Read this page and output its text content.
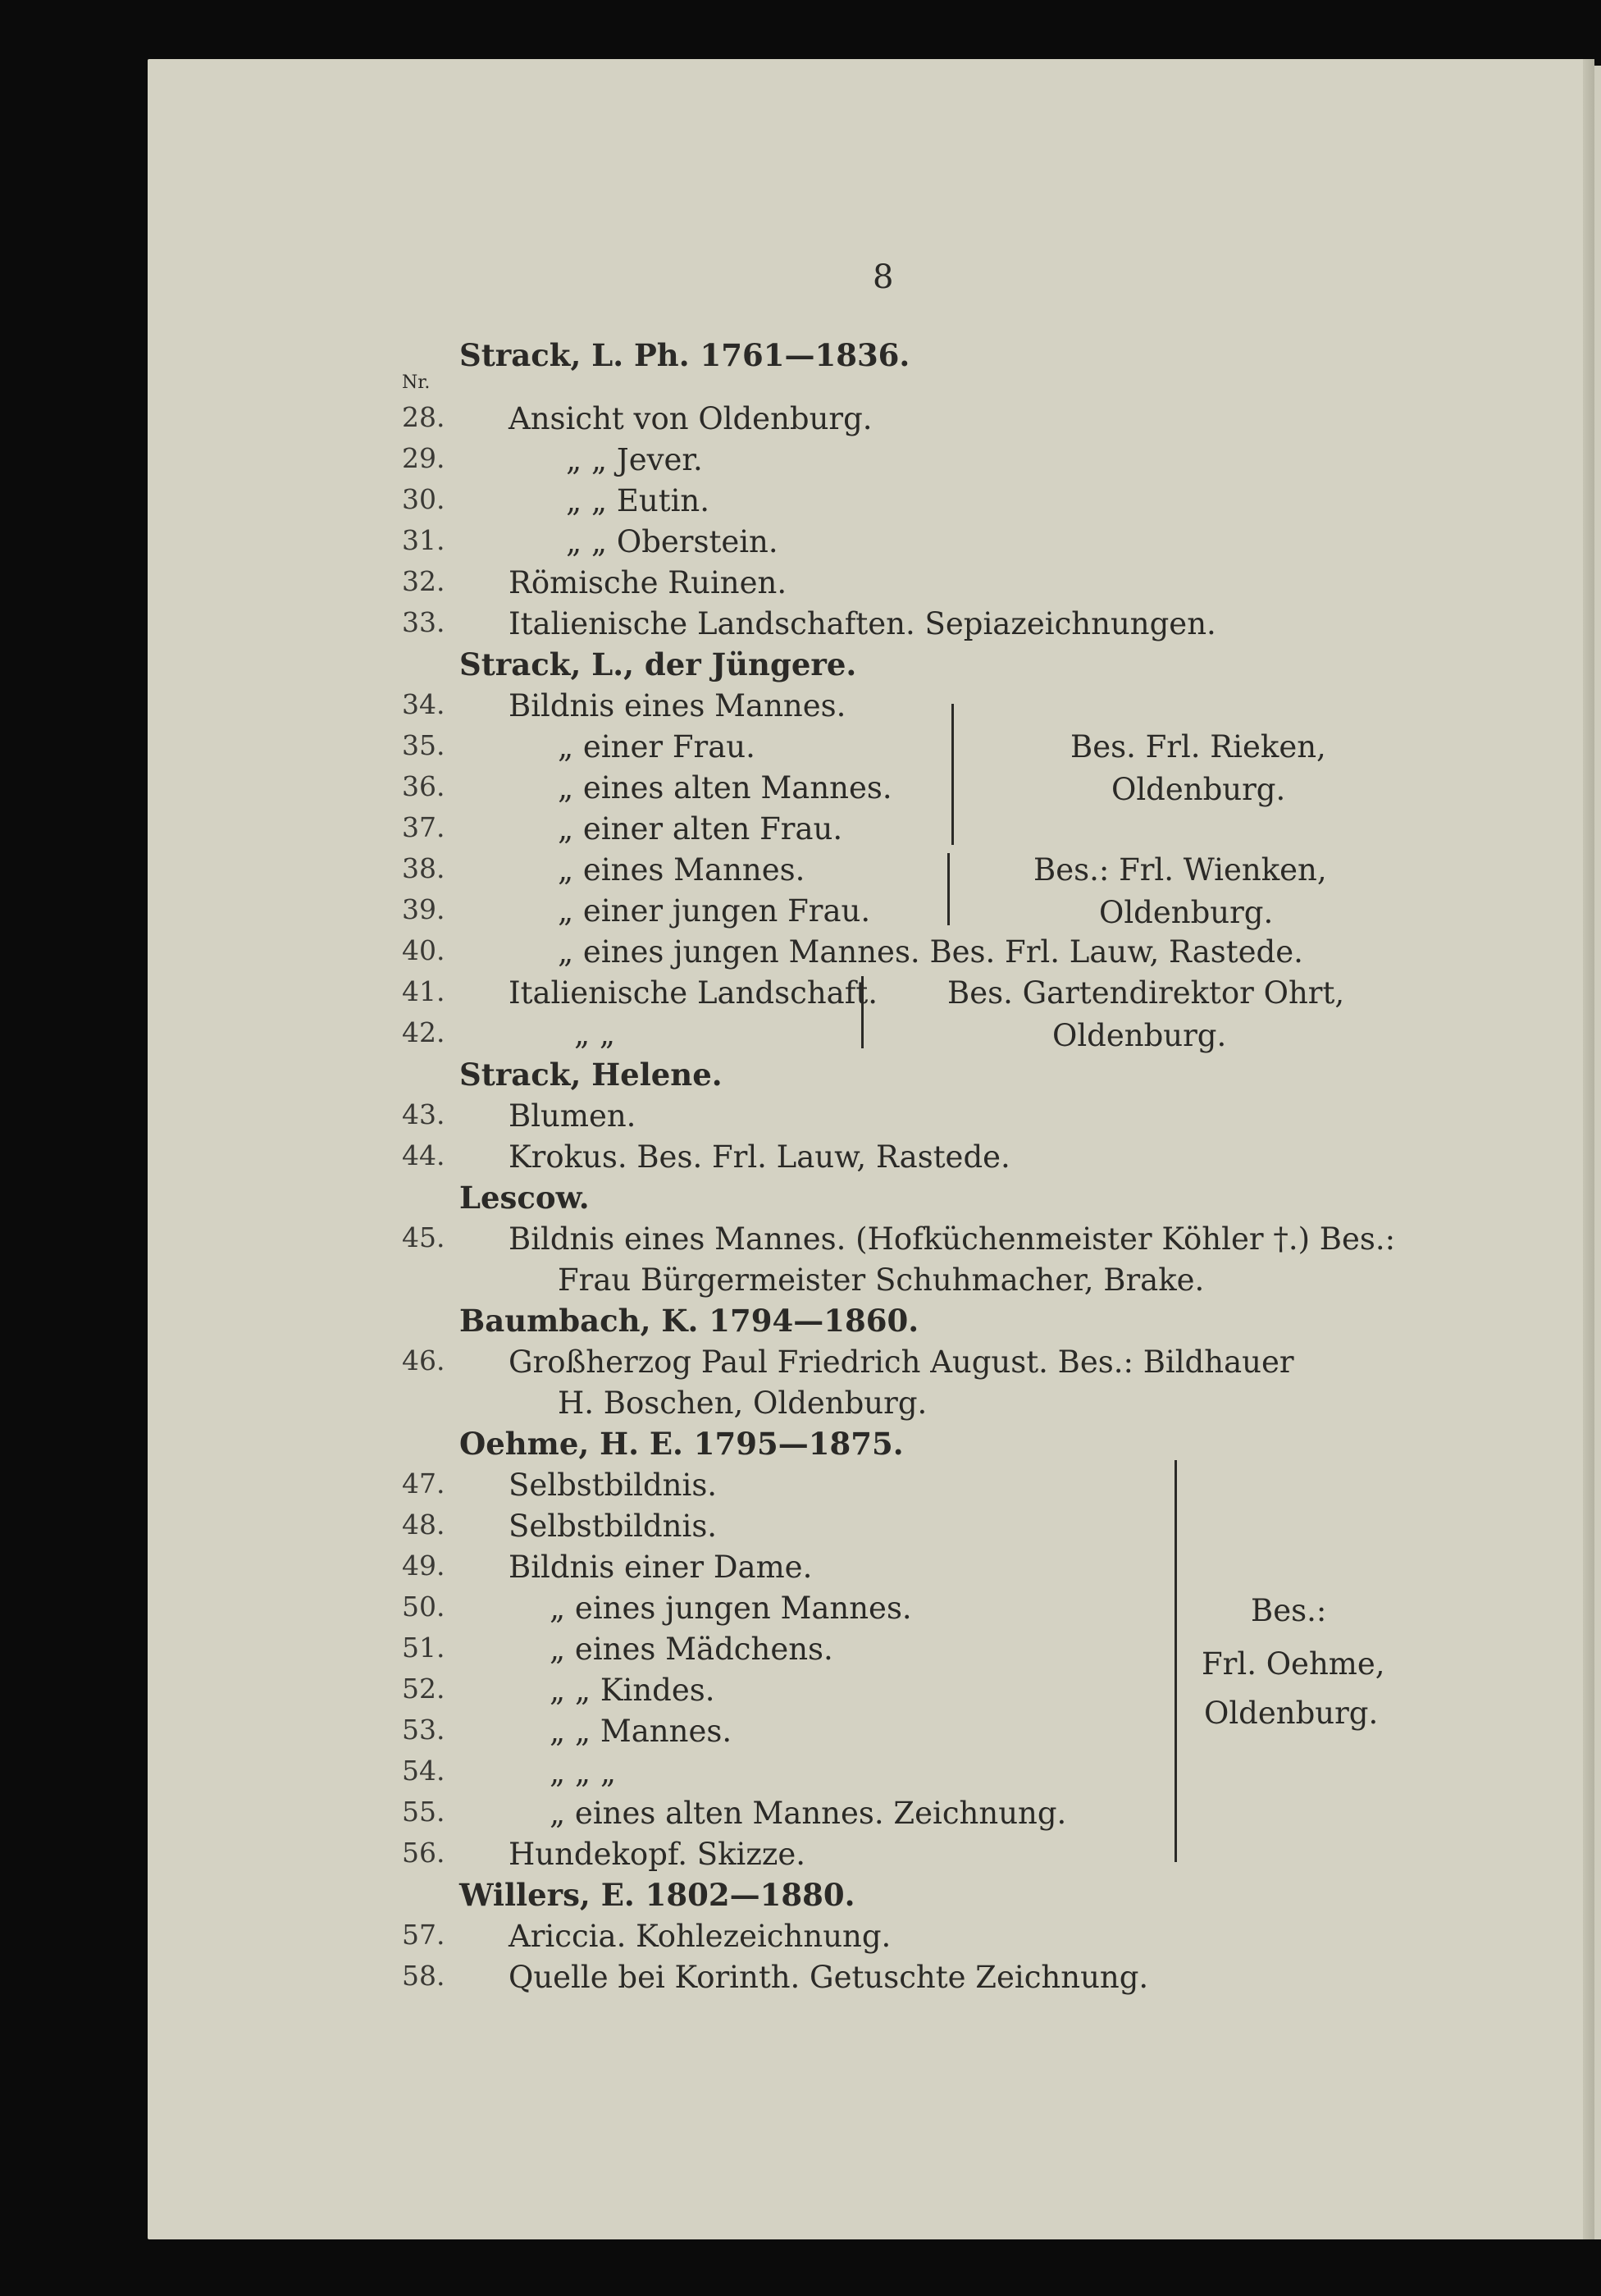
8
Nr.
Strack, L. Ph. 1761—1836.
28. Ansicht von Oldenburg.
29.	„ „ Jever.
30.	„ „ Eutin.
31.	„ „ Oberstein.
32. Römische Ruinen.
33. Italienische Landschaften. Sepiazeichnungen.
Strack, L., der Jüngere.
34. Bildnis eines Mannes.
35.	„ einer Frau.
36.	„ eines alten Mannes.
37.	„ einer alten Frau.
Bes. Frl. Rieken,
Oldenburg.
38.	„ eines Mannes.
39.	„ einer jungen Frau.
Bes.: Frl. Wienken,
Oldenburg.
40.	„ eines jungen Mannes. Bes. Frl. Lauw, Rastede.
41. Italienische Landschaft.
42.	„ „
Bes. Gartendirektor Ohrt,
Oldenburg.
Strack, Helene.
43. Blumen.
44. Krokus. Bes. Frl. Lauw, Rastede.
Lescow.
45. Bildnis eines Mannes. (Hofküchenmeister Köhler †.) Bes.:
Frau Bürgermeister Schuhmacher, Brake.
Baumbach, K. 1794—1860.
46. Großherzog Paul Friedrich August. Bes.: Bildhauer
H. Boschen, Oldenburg.
Oehme, H. E. 1795—1875.
47. Selbstbildnis.
48. Selbstbildnis.
49. Bildnis einer Dame.
50.	„ eines jungen Mannes.
51.	„ eines Mädchens.
52.	„ „ Kindes.
53.	„ „ Mannes.
54.	„ „ „
55.	„ eines alten Mannes. Zeichnung.
56. Hundekopf. Skizze.
Bes.:
Frl. Oehme,
Oldenburg.
Willers, E. 1802—1880.
57. Ariccia. Kohlezeichnung.
58. Quelle bei Korinth. Getuschte Zeichnung.
